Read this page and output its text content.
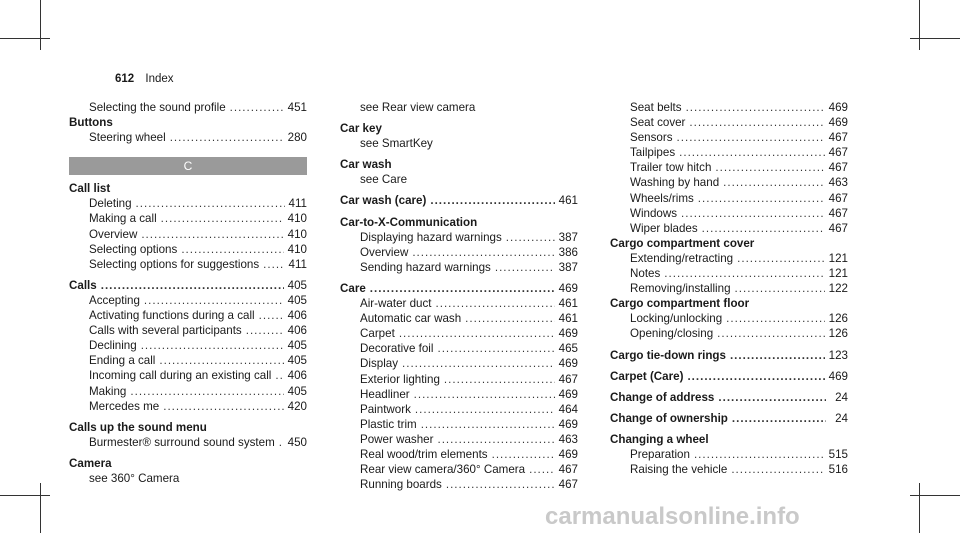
612 Index
Selecting the sound profile .....	451
Buttons
Steering wheel .....	280
C
Call list
Deleting .....	411
Making a call .....	410
Overview .....	410
Selecting options .....	410
Selecting options for suggestions .....	411
Calls .....	405
Accepting .....	405
Activating functions during a call .....	406
Calls with several participants .....	406
Declining .....	405
Ending a call .....	405
Incoming call during an existing call ..... 406
Making .....	405
Mercedes me .....	420
Calls up the sound menu
Burmester® surround sound system ..... 450
Camera
see 360° Camera
see Rear view camera
Car key
see SmartKey
Car wash
see Care
Car wash (care) .....	461
Car-to-X-Communication
Displaying hazard warnings .....	387
Overview .....	386
Sending hazard warnings .....	387
Care .....	469
Air-water duct .....	461
Automatic car wash .....	461
Carpet .....	469
Decorative foil .....	465
Display .....	469
Exterior lighting .....	467
Headliner .....	469
Paintwork .....	464
Plastic trim .....	469
Power washer .....	463
Real wood/trim elements .....	469
Rear view camera/360° Camera .....	467
Running boards .....	467
Seat belts .....	469
Seat cover .....	469
Sensors .....	467
Tailpipes .....	467
Trailer tow hitch .....	467
Washing by hand .....	463
Wheels/rims .....	467
Windows .....	467
Wiper blades .....	467
Cargo compartment cover
Extending/retracting .....	121
Notes .....	121
Removing/installing .....	122
Cargo compartment floor
Locking/unlocking .....	126
Opening/closing .....	126
Cargo tie-down rings .....	123
Carpet (Care) .....	469
Change of address .....	24
Change of ownership .....	24
Changing a wheel
Preparation .....	515
Raising the vehicle .....	516
carmanualsonline.info
